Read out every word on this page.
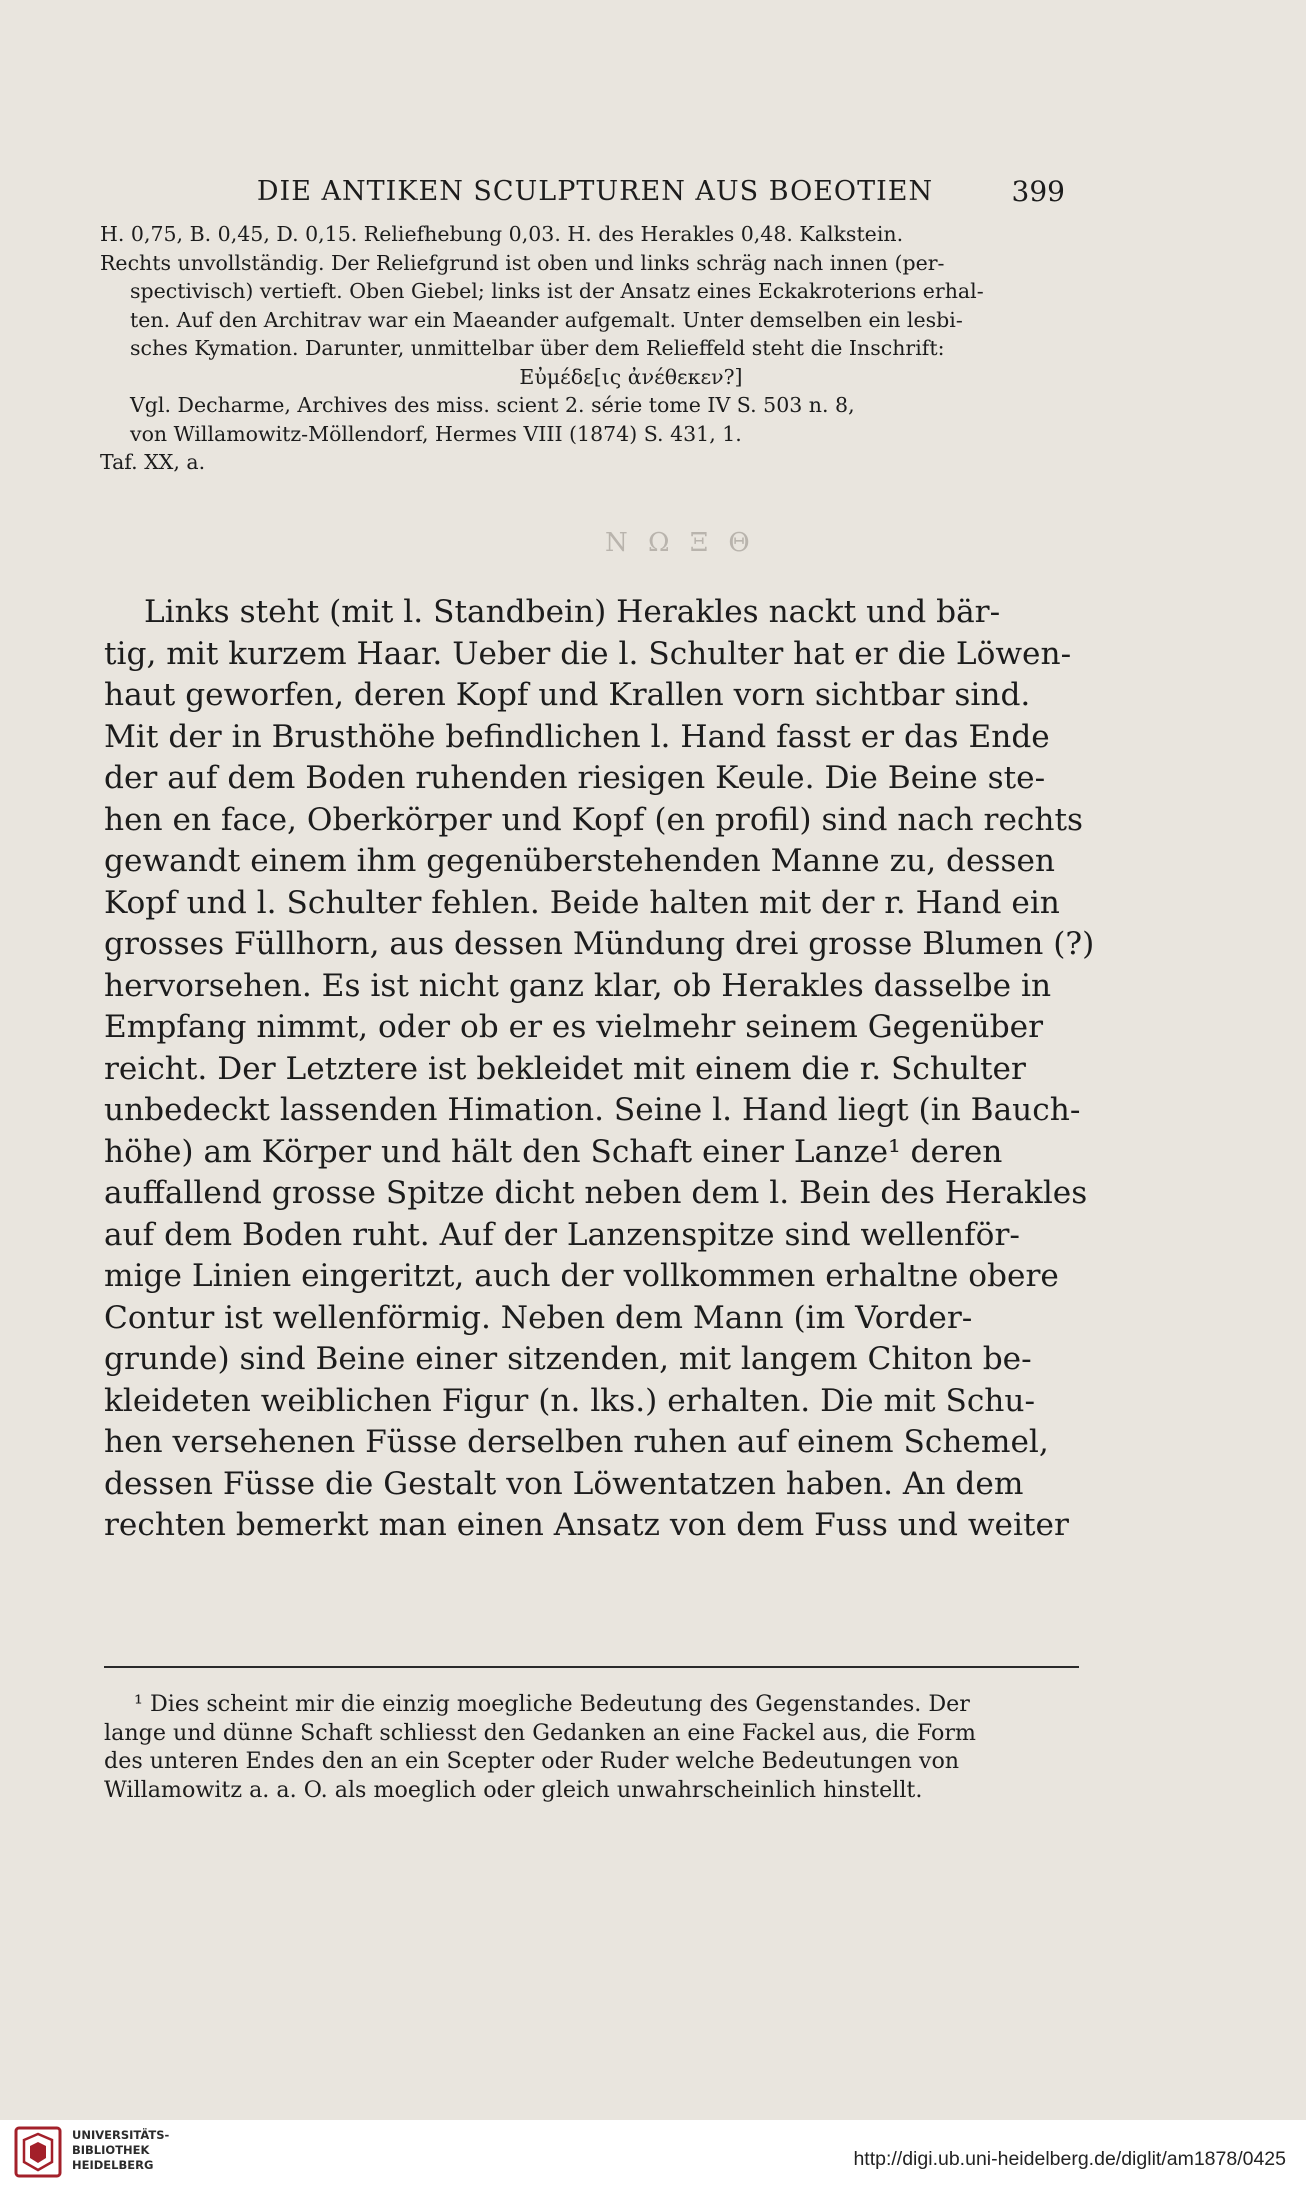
DIE ANTIKEN SCULPTUREN AUS BOEOTIEN	399

H. 0,75, B. 0,45, D. 0,15. Reliefhebung 0,03. H. des Herakles 0,48. Kalkstein.

Rechts unvollständig. Der Reliefgrund ist oben und links schräg nach innen (per-

spectivisch) vertieft. Oben Giebel; links ist der Ansatz eines Eckakroterions erhal-

ten. Auf den Architrav war ein Maeander aufgemalt. Unter demselben ein lesbi-

sches Kymation. Darunter, unmittelbar über dem Relieffeld steht die Inschrift:

Εὐμέδε[ις ἀνέθεκεν?]

Vgl. Decharme, Archives des miss. scient 2. série tome IV S. 503 n. 8,

von Willamowitz-Möllendorf, Hermes VIII (1874) S. 431, 1.

Taf. XX, a.

Ν Ω Ξ Θ

Links steht (mit l. Standbein) Herakles nackt und bär-

tig, mit kurzem Haar. Ueber die l. Schulter hat er die Löwen-

haut geworfen, deren Kopf und Krallen vorn sichtbar sind.

Mit der in Brusthöhe befindlichen l. Hand fasst er das Ende

der auf dem Boden ruhenden riesigen Keule. Die Beine ste-

hen en face, Oberkörper und Kopf (en profil) sind nach rechts

gewandt einem ihm gegenüberstehenden Manne zu, dessen

Kopf und l. Schulter fehlen. Beide halten mit der r. Hand ein

grosses Füllhorn, aus dessen Mündung drei grosse Blumen (?)

hervorsehen. Es ist nicht ganz klar, ob Herakles dasselbe in

Empfang nimmt, oder ob er es vielmehr seinem Gegenüber

reicht. Der Letztere ist bekleidet mit einem die r. Schulter

unbedeckt lassenden Himation. Seine l. Hand liegt (in Bauch-

höhe) am Körper und hält den Schaft einer Lanze¹ deren

auffallend grosse Spitze dicht neben dem l. Bein des Herakles

auf dem Boden ruht. Auf der Lanzenspitze sind wellenför-

mige Linien eingeritzt, auch der vollkommen erhaltne obere

Contur ist wellenförmig. Neben dem Mann (im Vorder-

grunde) sind Beine einer sitzenden, mit langem Chiton be-

kleideten weiblichen Figur (n. lks.) erhalten. Die mit Schu-

hen versehenen Füsse derselben ruhen auf einem Schemel,

dessen Füsse die Gestalt von Löwentatzen haben. An dem

rechten bemerkt man einen Ansatz von dem Fuss und weiter

¹ Dies scheint mir die einzig moegliche Bedeutung des Gegenstandes. Der

lange und dünne Schaft schliesst den Gedanken an eine Fackel aus, die Form

des unteren Endes den an ein Scepter oder Ruder welche Bedeutungen von

Willamowitz a. a. O. als moeglich oder gleich unwahrscheinlich hinstellt.

UNIVERSITÄTS-
BIBLIOTHEK
HEIDELBERG	http://digi.ub.uni-heidelberg.de/diglit/am1878/0425
